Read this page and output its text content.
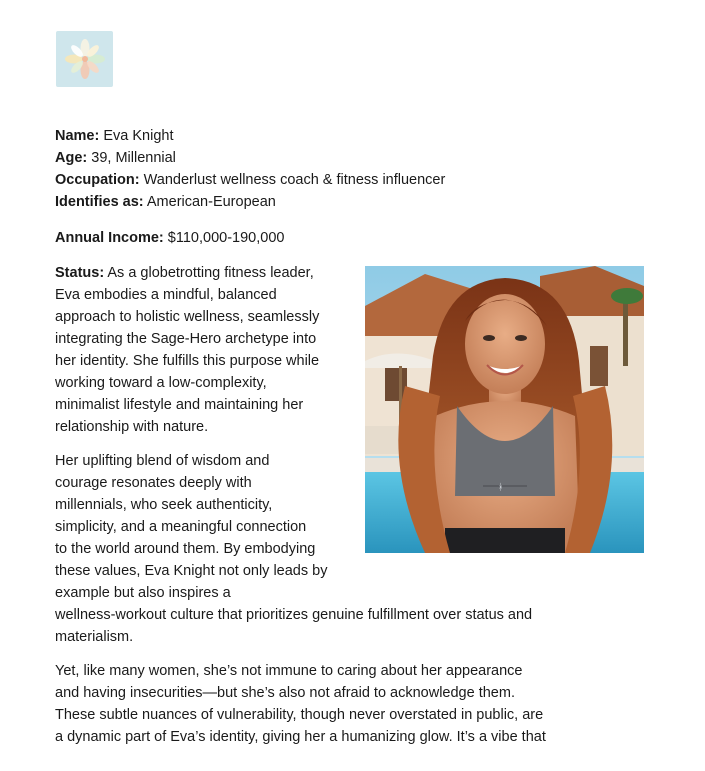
Name: Eva Knight
Age: 39, Millennial
Occupation: Wanderlust wellness coach & fitness influencer
Identifies as: American-European
Annual Income: $110,000-190,000

Status: As a globetrotting fitness leader,
Eva embodies a mindful, balanced
approach to holistic wellness, seamlessly
integrating the Sage-Hero archetype into
her identity. She fulfills this purpose while
working toward a low-complexity,
minimalist lifestyle and maintaining her
relationship with nature.

Her uplifting blend of wisdom and
courage resonates deeply with
millennials, who seek authenticity,
simplicity, and a meaningful connection
to the world around them. By embodying
these values, Eva Knight not only leads by
example but also inspires a
wellness-workout culture that prioritizes genuine fulfillment over status and
materialism.

Yet, like many women, she’s not immune to caring about her appearance
and having insecurities—but she’s also not afraid to acknowledge them.
These subtle nuances of vulnerability, though never overstated in public, are
a dynamic part of Eva’s identity, giving her a humanizing glow. It’s a vibe that

ᚼ
